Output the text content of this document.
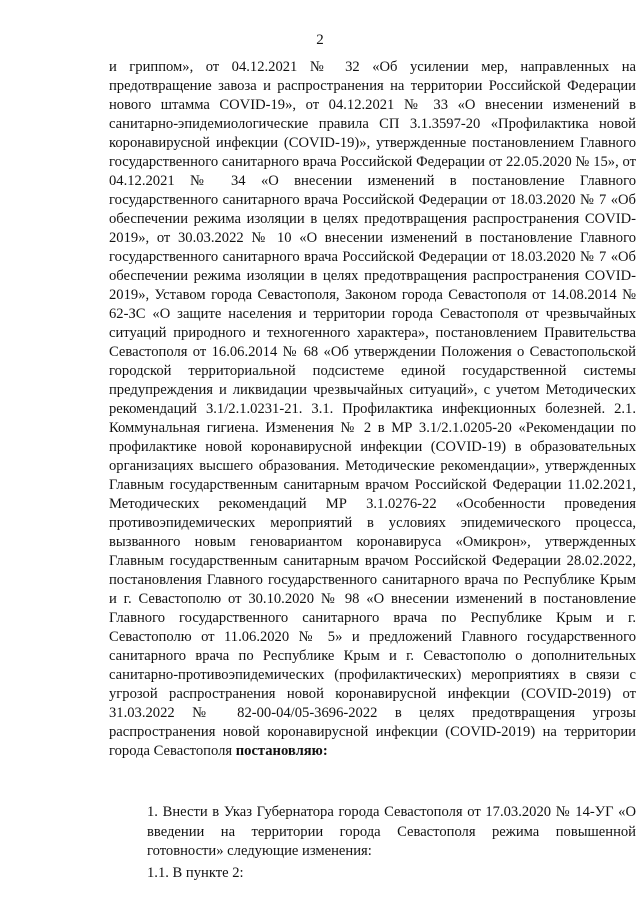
2
и гриппом», от 04.12.2021 № 32 «Об усилении мер, направленных на предотвращение завоза и распространения на территории Российской Федерации нового штамма COVID-19», от 04.12.2021 № 33 «О внесении изменений в санитарно-эпидемиологические правила СП 3.1.3597-20 «Профилактика новой коронавирусной инфекции (COVID-19)», утвержденные постановлением Главного государственного санитарного врача Российской Федерации от 22.05.2020 № 15», от 04.12.2021 № 34 «О внесении изменений в постановление Главного государственного санитарного врача Российской Федерации от 18.03.2020 № 7 «Об обеспечении режима изоляции в целях предотвращения распространения COVID-2019», от 30.03.2022 № 10 «О внесении изменений в постановление Главного государственного санитарного врача Российской Федерации от 18.03.2020 № 7 «Об обеспечении режима изоляции в целях предотвращения распространения COVID-2019», Уставом города Севастополя, Законом города Севастополя от 14.08.2014 № 62-ЗС «О защите населения и территории города Севастополя от чрезвычайных ситуаций природного и техногенного характера», постановлением Правительства Севастополя от 16.06.2014 № 68 «Об утверждении Положения о Севастопольской городской территориальной подсистеме единой государственной системы предупреждения и ликвидации чрезвычайных ситуаций», с учетом Методических рекомендаций 3.1/2.1.0231-21. 3.1. Профилактика инфекционных болезней. 2.1. Коммунальная гигиена. Изменения № 2 в МР 3.1/2.1.0205-20 «Рекомендации по профилактике новой коронавирусной инфекции (COVID-19) в образовательных организациях высшего образования. Методические рекомендации», утвержденных Главным государственным санитарным врачом Российской Федерации 11.02.2021, Методических рекомендаций МР 3.1.0276-22 «Особенности проведения противоэпидемических мероприятий в условиях эпидемического процесса, вызванного новым геновариантом коронавируса «Омикрон», утвержденных Главным государственным санитарным врачом Российской Федерации 28.02.2022, постановления Главного государственного санитарного врача по Республике Крым и г. Севастополю от 30.10.2020 № 98 «О внесении изменений в постановление Главного государственного санитарного врача по Республике Крым и г. Севастополю от 11.06.2020 № 5» и предложений Главного государственного санитарного врача по Республике Крым и г. Севастополю о дополнительных санитарно-противоэпидемических (профилактических) мероприятиях в связи с угрозой распространения новой коронавирусной инфекции (COVID-2019) от 31.03.2022 № 82-00-04/05-3696-2022 в целях предотвращения угрозы распространения новой коронавирусной инфекции (COVID-2019) на территории города Севастополя постановляю:
1. Внести в Указ Губернатора города Севастополя от 17.03.2020 № 14-УГ «О введении на территории города Севастополя режима повышенной готовности» следующие изменения:
1.1. В пункте 2:
